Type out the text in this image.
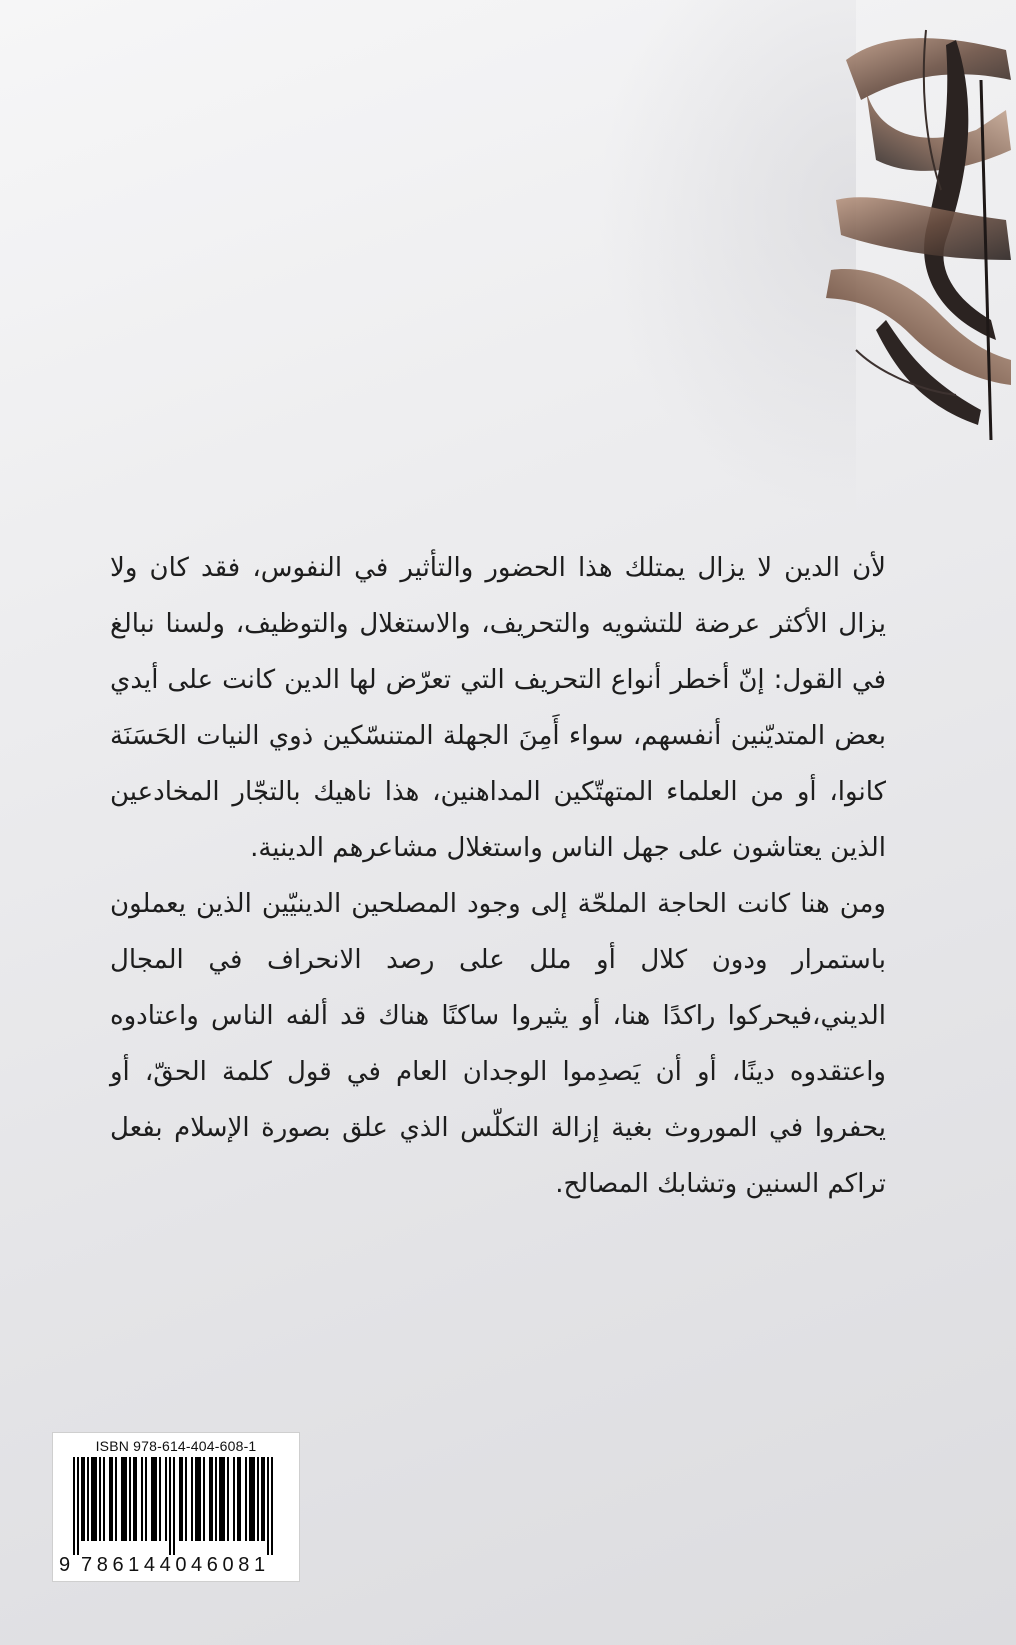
لأن الدين لا يزال يمتلك هذا الحضور والتأثير في النفوس، فقد كان ولا يزال الأكثر عرضة للتشويه والتحريف، والاستغلال والتوظيف، ولسنا نبالغ في القول: إنّ أخطر أنواع التحريف التي تعرّض لها الدين كانت على أيدي بعض المتديّنين أنفسهم، سواء أَمِنَ الجهلة المتنسّكين ذوي النيات الحَسَنَة كانوا، أو من العلماء المتهتّكين المداهنين، هذا ناهيك بالتجّار المخادعين الذين يعتاشون على جهل الناس واستغلال مشاعرهم الدينية.

ومن هنا كانت الحاجة الملحّة إلى وجود المصلحين الدينيّين الذين يعملون باستمرار ودون كلال أو ملل على رصد الانحراف في المجال الديني،فيحركوا راكدًا هنا، أو يثيروا ساكنًا هناك قد ألفه الناس واعتادوه واعتقدوه دينًا، أو أن يَصدِموا الوجدان العام في قول كلمة الحقّ، أو يحفروا في الموروث بغية إزالة التكلّس الذي علق بصورة الإسلام بفعل تراكم السنين وتشابك المصالح.

ISBN 978-614-404-608-1
9 786144046081
